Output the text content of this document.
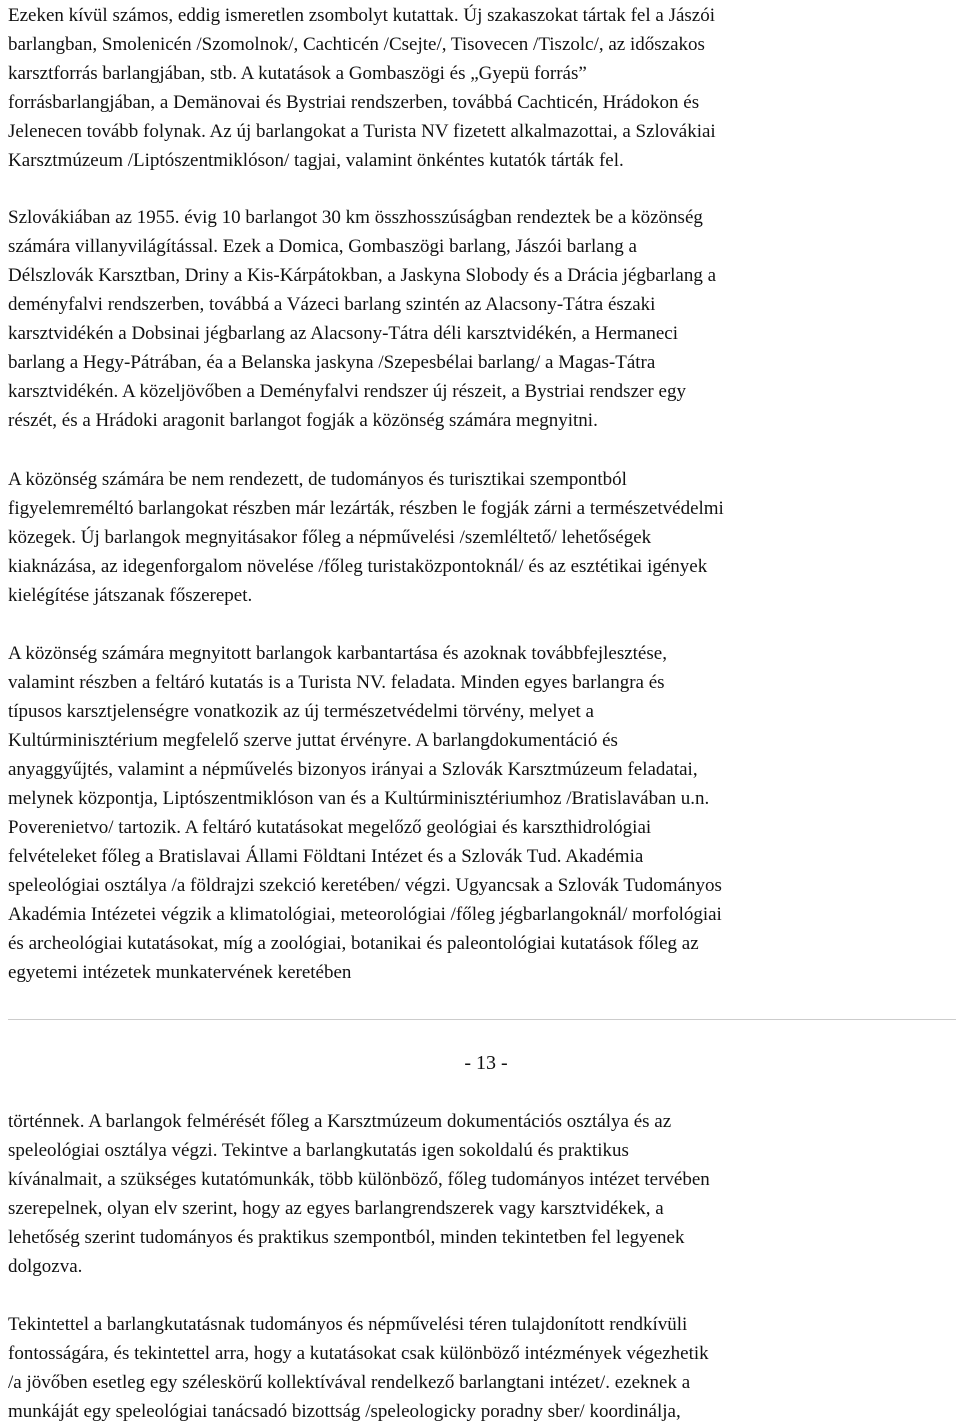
Ezeken kívül számos, eddig ismeretlen zsombolyt kutattak. Új szakaszokat tártak fel a Jászói
barlangban, Smolenicén /Szomolnok/, Cachticén /Csejte/, Tisovecen /Tiszolc/, az időszakos
karsztforrás barlangjában, stb. A kutatások a Gombaszögi és „Gyepü forrás”
forrásbarlangjában, a Demänovai és Bystriai rendszerben, továbbá Cachticén, Hrádokon és
Jelenecen tovább folynak. Az új barlangokat a Turista NV fizetett alkalmazottai, a Szlovákiai
Karsztmúzeum /Liptószentmiklóson/ tagjai, valamint önkéntes kutatók tárták fel.
Szlovákiában az 1955. évig 10 barlangot 30 km összhosszúságban rendeztek be a közönség
számára villanyvilágítással. Ezek a Domica, Gombaszögi barlang, Jászói barlang a
Délszlovák Karsztban, Driny a Kis-Kárpátokban, a Jaskyna Slobody és a Drácia jégbarlang a
deményfalvi rendszerben, továbbá a Vázeci barlang szintén az Alacsony-Tátra északi
karsztvidékén a Dobsinai jégbarlang az Alacsony-Tátra déli karsztvidékén, a Hermaneci
barlang a Hegy-Pátrában, éa a Belanska jaskyna /Szepesbélai barlang/ a Magas-Tátra
karsztvidékén. A közeljövőben a Deményfalvi rendszer új részeit, a Bystriai rendszer egy
részét, és a Hrádoki aragonit barlangot fogják a közönség számára megnyitni.
A közönség számára be nem rendezett, de tudományos és turisztikai szempontból
figyelemreméltó barlangokat részben már lezárták, részben le fogják zárni a természetvédelmi
közegek. Új barlangok megnyitásakor főleg a népművelési /szemléltető/ lehetőségek
kiaknázása, az idegenforgalom növelése /főleg turistaközpontoknál/ és az esztétikai igények
kielégítése játszanak főszerepet.
A közönség számára megnyitott barlangok karbantartása és azoknak továbbfejlesztése,
valamint részben a feltáró kutatás is a Turista NV. feladata. Minden egyes barlangra és
típusos karsztjelenségre vonatkozik az új természetvédelmi törvény, melyet a
Kultúrminisztérium megfelelő szerve juttat érvényre. A barlangdokumentáció és
anyaggyűjtés, valamint a népművelés bizonyos irányai a Szlovák Karsztmúzeum feladatai,
melynek központja, Liptószentmiklóson van és a Kultúrminisztériumhoz /Bratislavában u.n.
Poverenietvo/ tartozik. A feltáró kutatásokat megelőző geológiai és karszthidrológiai
felvételeket főleg a Bratislavai Állami Földtani Intézet és a Szlovák Tud. Akadémia
speleológiai osztálya /a földrajzi szekció keretében/ végzi. Ugyancsak a Szlovák Tudományos
Akadémia Intézetei végzik a klimatológiai, meteorológiai /főleg jégbarlangoknál/ morfológiai
és archeológiai kutatásokat, míg a zoológiai, botanikai és paleontológiai kutatások főleg az
egyetemi intézetek munkatervének keretében
- 13 -
történnek. A barlangok felmérését főleg a Karsztmúzeum dokumentációs osztálya és az
speleológiai osztálya végzi. Tekintve a barlangkutatás igen sokoldalú és praktikus
kívánalmait, a szükséges kutatómunkák, több különböző, főleg tudományos intézet tervében
szerepelnek, olyan elv szerint, hogy az egyes barlangrendszerek vagy karsztvidékek, a
lehetőség szerint tudományos és praktikus szempontból, minden tekintetben fel legyenek
dolgozva.
Tekintettel a barlangkutatásnak tudományos és népművelési téren tulajdonított rendkívüli
fontosságára, és tekintettel arra, hogy a kutatásokat csak különböző intézmények végezhetik
/a jövőben esetleg egy széleskörű kollektívával rendelkező barlangtani intézet/. ezeknek a
munkáját egy speleológiai tanácsadó bizottság /speleologicky poradny sber/ koordinálja,
